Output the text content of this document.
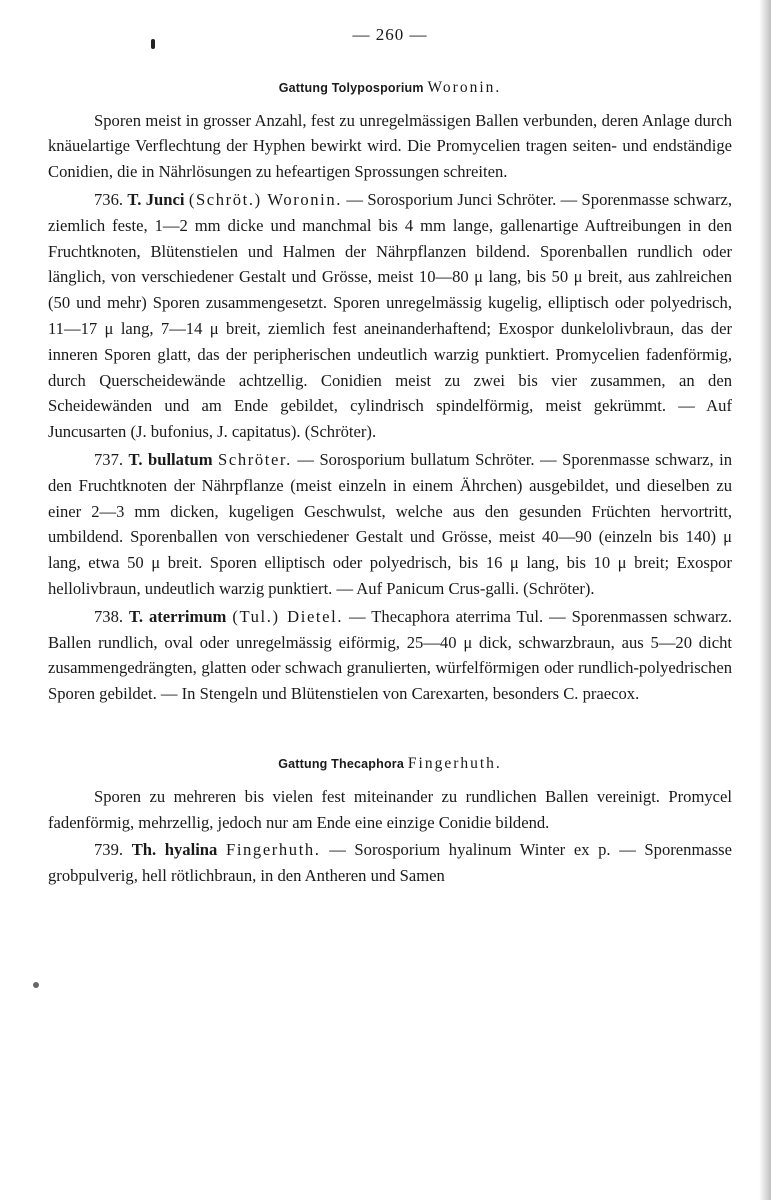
— 260 —
Gattung Tolyposporium Woronin.

Sporen meist in grosser Anzahl, fest zu unregelmässigen Ballen verbunden, deren Anlage durch knäuelartige Verflechtung der Hyphen bewirkt wird. Die Promycelien tragen seiten- und endständige Conidien, die in Nährlösungen zu hefeartigen Sprossungen schreiten.

736. T. Junci (Schröt.) Woronin. — Sorosporium Junci Schröter. — Sporenmasse schwarz, ziemlich feste, 1—2 mm dicke und manchmal bis 4 mm lange, gallenartige Auftreibungen in den Fruchtknoten, Blütenstielen und Halmen der Nährpflanzen bildend. Sporenballen rundlich oder länglich, von verschiedener Gestalt und Grösse, meist 10—80 μ lang, bis 50 μ breit, aus zahlreichen (50 und mehr) Sporen zusammengesetzt. Sporen unregelmässig kugelig, elliptisch oder polyedrisch, 11—17 μ lang, 7—14 μ breit, ziemlich fest aneinanderhaftend; Exospor dunkelolivbraun, das der inneren Sporen glatt, das der peripherischen undeutlich warzig punktiert. Promycelien fadenförmig, durch Querscheidewände achtzellig. Conidien meist zu zwei bis vier zusammen, an den Scheidewänden und am Ende gebildet, cylindrisch spindelförmig, meist gekrümmt. — Auf Juncusarten (J. bufonius, J. capitatus). (Schröter).

737. T. bullatum Schröter. — Sorosporium bullatum Schröter. — Sporenmasse schwarz, in den Fruchtknoten der Nährpflanze (meist einzeln in einem Ährchen) ausgebildet, und dieselben zu einer 2—3 mm dicken, kugeligen Geschwulst, welche aus den gesunden Früchten hervortritt, umbildend. Sporenballen von verschiedener Gestalt und Grösse, meist 40—90 (einzeln bis 140) μ lang, etwa 50 μ breit. Sporen elliptisch oder polyedrisch, bis 16 μ lang, bis 10 μ breit; Exospor hellolivbraun, undeutlich warzig punktiert. — Auf Panicum Crus-galli. (Schröter).

738. T. aterrimum (Tul.) Dietel. — Thecaphora aterrima Tul. — Sporenmassen schwarz. Ballen rundlich, oval oder unregelmässig eiförmig, 25—40 μ dick, schwarzbraun, aus 5—20 dicht zusammengedrängten, glatten oder schwach granulierten, würfelförmigen oder rundlich-polyedrischen Sporen gebildet. — In Stengeln und Blütenstielen von Carexarten, besonders C. praecox.

Gattung Thecaphora Fingerhuth.

Sporen zu mehreren bis vielen fest miteinander zu rundlichen Ballen vereinigt. Promycel fadenförmig, mehrzellig, jedoch nur am Ende eine einzige Conidie bildend.

739. Th. hyalina Fingerhuth. — Sorosporium hyalinum Winter ex p. — Sporenmasse grobpulverig, hell rötlichbraun, in den Antheren und Samen
